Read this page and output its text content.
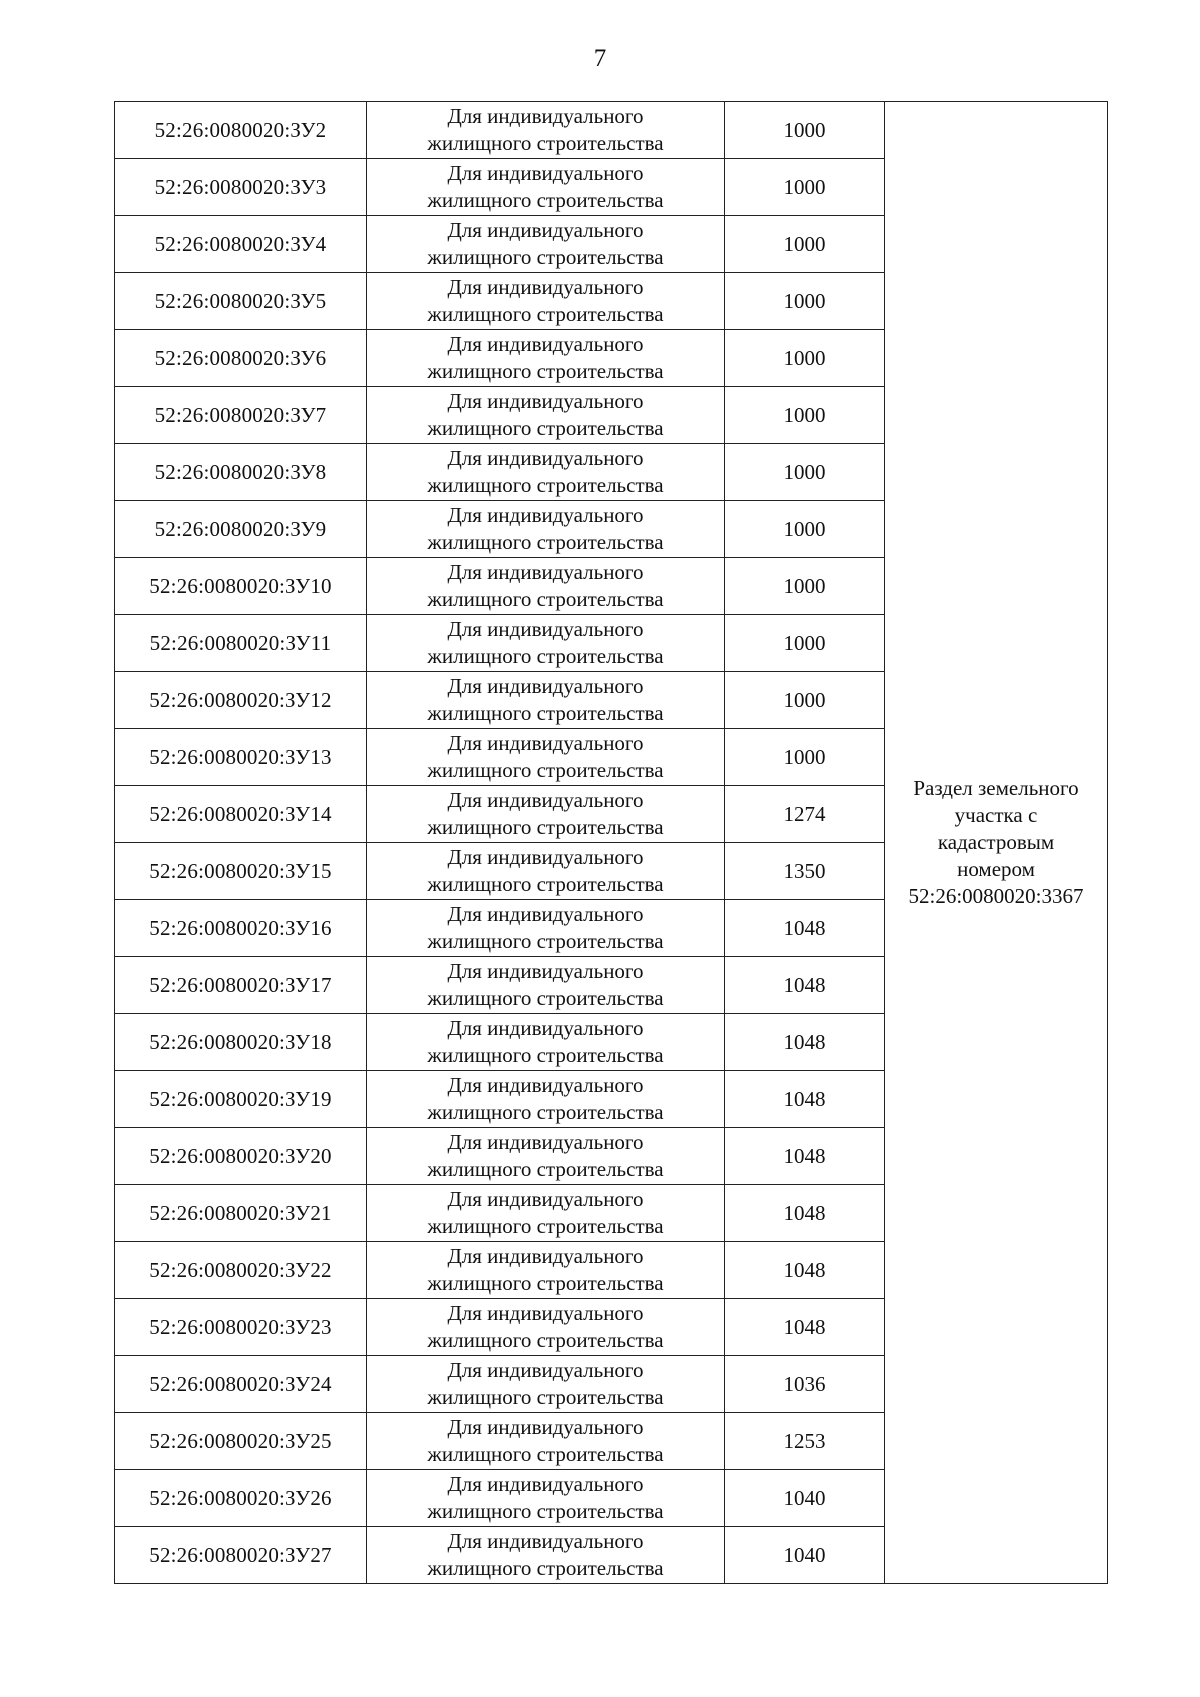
7
52:26:0080020:ЗУ2	Для индивидуального
жилищного строительства	1000	Раздел земельного
участка с
кадастровым
номером
52:26:0080020:3367

52:26:0080020:ЗУ3	Для индивидуального
жилищного строительства	1000	
52:26:0080020:ЗУ4	Для индивидуального
жилищного строительства	1000	
52:26:0080020:ЗУ5	Для индивидуального
жилищного строительства	1000	
52:26:0080020:ЗУ6	Для индивидуального
жилищного строительства	1000	
52:26:0080020:ЗУ7	Для индивидуального
жилищного строительства	1000	
52:26:0080020:ЗУ8	Для индивидуального
жилищного строительства	1000	
52:26:0080020:ЗУ9	Для индивидуального
жилищного строительства	1000	
52:26:0080020:ЗУ10	Для индивидуального
жилищного строительства	1000	
52:26:0080020:ЗУ11	Для индивидуального
жилищного строительства	1000	
52:26:0080020:ЗУ12	Для индивидуального
жилищного строительства	1000	
52:26:0080020:ЗУ13	Для индивидуального
жилищного строительства	1000	
52:26:0080020:ЗУ14	Для индивидуального
жилищного строительства	1274	
52:26:0080020:ЗУ15	Для индивидуального
жилищного строительства	1350	
52:26:0080020:ЗУ16	Для индивидуального
жилищного строительства	1048	
52:26:0080020:ЗУ17	Для индивидуального
жилищного строительства	1048	
52:26:0080020:ЗУ18	Для индивидуального
жилищного строительства	1048	
52:26:0080020:ЗУ19	Для индивидуального
жилищного строительства	1048	
52:26:0080020:ЗУ20	Для индивидуального
жилищного строительства	1048	
52:26:0080020:ЗУ21	Для индивидуального
жилищного строительства	1048	
52:26:0080020:ЗУ22	Для индивидуального
жилищного строительства	1048	
52:26:0080020:ЗУ23	Для индивидуального
жилищного строительства	1048	
52:26:0080020:ЗУ24	Для индивидуального
жилищного строительства	1036	
52:26:0080020:ЗУ25	Для индивидуального
жилищного строительства	1253	
52:26:0080020:ЗУ26	Для индивидуального
жилищного строительства	1040	
52:26:0080020:ЗУ27	Для индивидуального
жилищного строительства	1040	
